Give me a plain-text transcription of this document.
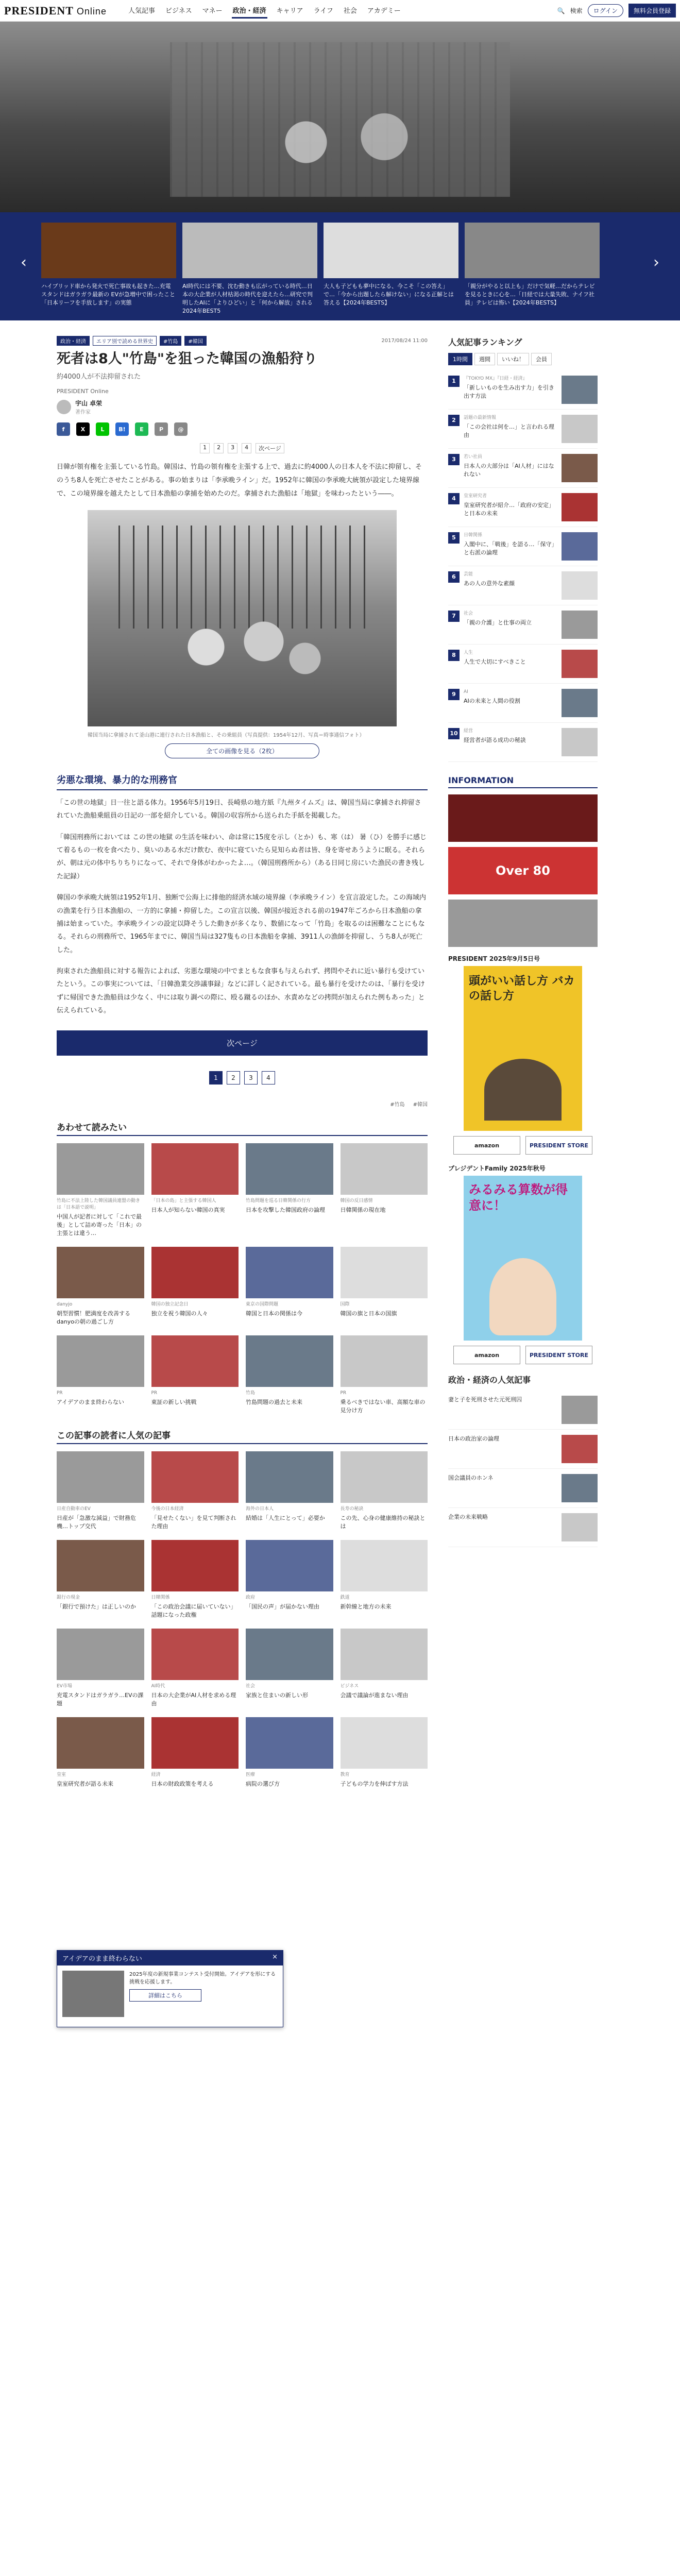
PRESIDENT Online	人気記事 ビジネス マネー 政治・経済 キャリア ライフ 社会 アカデミー	🔍 検索	ログイン	無料会員登録
‹
ハイブリッド車から発火で死亡事故も起きた…充電スタンドはガラガラ最新の EVが急増中で困ったこと「日本リーフを手放します」の実態
AI時代には不要、沈む動きも広がっている時代…日本の大企業が人材枯渇の時代を迎えたら…研究で判明したAIに「よりひどい」と「何から解放」される2024年BEST5
大人も子どもも夢中になる、今こそ「この答え」で…「今から出題したら解けない」になる正解とは答える【2024年BESTS】
「親分がやると以上も」だけで気軽…だからテレビを見るときに心を…「日経では大量失敗、ナイフ社員」テレビは怖い【2024年BESTS】
›
政治・経済	エリア別で読める世界史	#竹島	#韓国	2017/08/24 11:00
死者は8人"竹島"を狙った韓国の漁船狩り
約4000人が不法抑留された
PRESIDENT Online
宇山 卓栄
著作家
f	X	L	B!	E	P	@
1	2	3	4	次ページ

日韓が領有権を主張している竹島。韓国は、竹島の領有権を主張する上で、過去に約4000人の日本人を不法に抑留し、そのうち8人を死亡させたことがある。事の始まりは「李承晩ライン」だ。1952年に韓国の李承晩大統領が設定した境界線で、この境界線を越えたとして日本漁船の拿捕を始めたのだ。拿捕された漁船は「地獄」を味わったという――。

韓国当局に拿捕されて釜山港に連行された日本漁船と、その乗組員（写真提供：1954年12月、写真＝時事通信フォト）
全ての画像を見る（2枚）
劣悪な環境、暴力的な刑務官

「この世の地獄」日一往と語る体力。1956年5月19日、長崎県の地方紙『九州タイムズ』は、韓国当局に拿捕され抑留されていた漁船乗組員の日記の一部を紹介している。韓国の収容所から送られた手紙を掲載した。

「韓国刑務所においては この世の地獄 の生活を味わい、命は常に15度を示し（とか）も、寒（は） 暑（ひ）を勝手に感じて着るもの一枚を食べたり、臭いのある水だけ飲む、夜中に寝ていたら見知らぬ者は皆、身を寄せあうように眠る。それらが、朝は元の体中ちりちりになって、それで身体がわかったよ…。（韓国刑務所から）（ある日同じ房にいた漁民の書き残した記録）

韓国の李承晩大統領は1952年1月、独断で公海上に排他的経済水域の境界線（李承晩ライン）を宣言設定した。この海域内の漁業を行う日本漁船の、一方的に拿捕・抑留した。この宣言以後、韓国が接近される前の1947年ごろから日本漁船の拿捕は始まっていた。李承晩ラインの設定以降そうした動きが多くなり、数値になって「竹島」を取るのは困難なことにもなる。それらの刑務所で、1965年までに、韓国当局は327隻もの日本漁船を拿捕、3911人の漁師を抑留し、うち8人が死亡した。

拘束された漁船員に対する報告によれば、劣悪な環境の中でまともな食事も与えられず、拷問やそれに近い暴行も受けていたという。この事実については、「日韓漁業交渉議事録」などに詳しく記されている。最も暴行を受けたのは、「暴行を受けずに帰国できた漁船員は少なく、中には取り調べの際に、殴る蹴るのほか、水責めなどの拷問が加えられた例もあった」と伝えられている。

次ページ
1	2	3	4
#竹島 #韓国
あわせて読みたい
竹島に不法上陸した韓国議員連盟の動きは「日本語で説明」
中国人が記者に対して「これで最後」として詰め寄った「日本」の主張とは違う…
「日本の島」と主張する韓国人
日本人が知らない韓国の真実
竹島問題を巡る日韓関係の行方
日本を攻撃した韓国政府の論理
韓国の反日感情
日韓関係の現在地
danyjo
朝型習慣！肥満度を改善するdanyoの朝の過ごし方
韓国の独立記念日
独立を祝う韓国の人々
東京の国際問題
韓国と日本の関係は今
国際
韓国の旗と日本の国旗
PR
アイデアのまま終わらない
PR
東証の新しい挑戦
竹島
竹島問題の過去と未来
PR
乗るべきではない車、高額な車の見分け方
この記事の読者に人気の記事
日産自動車のEV
日産が「急激な減益」で財務危機…トップ交代
今後の日本経済
「見せたくない」を見て判断された理由
海外の日本人
結婚は「人生にとって」必要か
長寿の秘訣
この先、心身の健康維持の秘訣とは
銀行の現金
「銀行で預けた」は正しいのか
日韓関係
「この政治会議に届いていない」話題になった政権
政府
「国民の声」が届かない理由
鉄道
新幹線と地方の未来
EV市場
充電スタンドはガラガラ…EVの課題
AI時代
日本の大企業がAI人材を求める理由
社会
家族と住まいの新しい形
ビジネス
会議で議論が進まない理由
皇室
皇室研究者が語る未来
経済
日本の財政政策を考える
医療
病院の選び方
教育
子どもの学力を伸ばす方法
人気記事ランキング
1時間	週間	いいね！	会員
1	『TOKYO MX』『日経・経済』
「新しいものを生み出す力」を引き出す方法
2	話題の最新情報
「この会社は何を…」と言われる理由
3	若い社員
日本人の大部分は「AI人材」にはなれない
4	皇室研究者
皇室研究者が紹介…「政府の安定」と日本の未来
5	日韓関係
入閣中に、「戦後」を語る…「保守」と右派の論理
6	芸能
あの人の意外な素顔
7	社会
「親の介護」と仕事の両立
8	人生
人生で大切にすべきこと
9	AI
AIの未来と人間の役割
10	経営
経営者が語る成功の秘訣
INFORMATION
Over 80
PRESIDENT 2025年9月5日号
頭がいい話し方 バカの話し方
amazon	PRESIDENT STORE
プレジデントFamily 2025年秋号
みるみる算数が得意に！
amazon	PRESIDENT STORE
政治・経済の人気記事
妻と子を死刑させた元死刑囚
日本の政治家の論理
国会議員のホンネ
企業の未来戦略
アイデアのまま終わらない	×
2025年度の新規事業コンテスト受付開始。アイデアを形にする挑戦を応援します。
詳細はこちら
